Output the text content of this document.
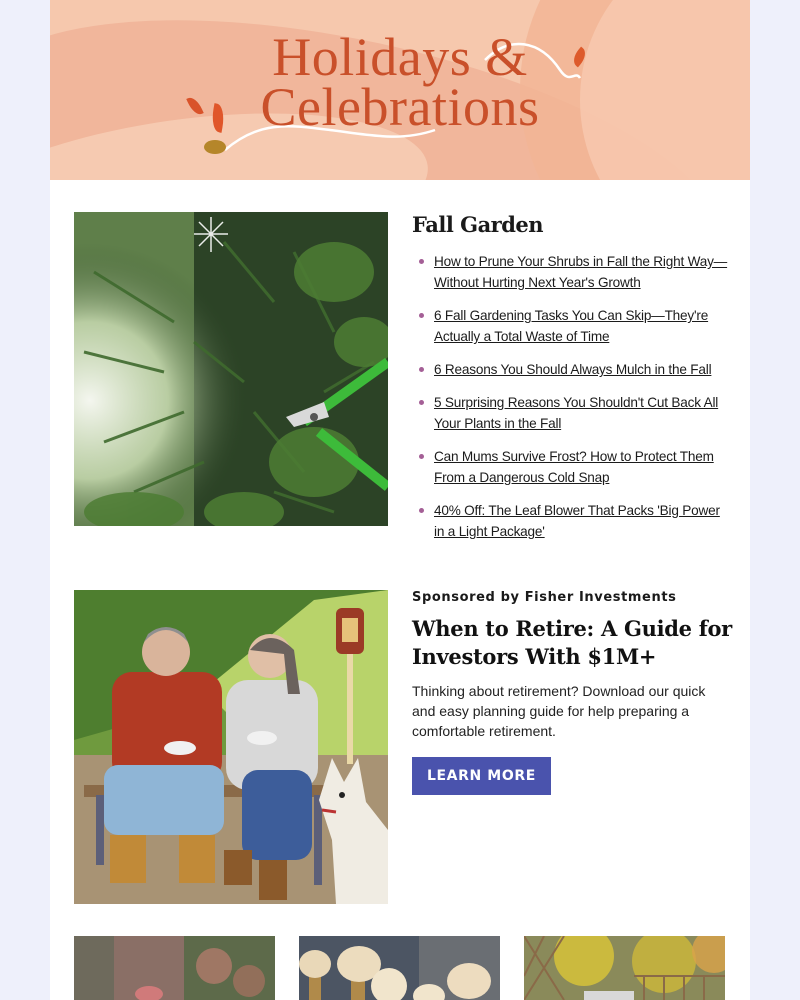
Holidays &
Celebrations
Fall Garden
How to Prune Your Shrubs in Fall the Right Way—Without Hurting Next Year's Growth
6 Fall Gardening Tasks You Can Skip—They're Actually a Total Waste of Time
6 Reasons You Should Always Mulch in the Fall
5 Surprising Reasons You Shouldn't Cut Back All Your Plants in the Fall
Can Mums Survive Frost? How to Protect Them From a Dangerous Cold Snap
40% Off: The Leaf Blower That Packs 'Big Power in a Light Package'
Sponsored by Fisher Investments
When to Retire: A Guide for Investors With $1M+

Thinking about retirement? Download our quick and easy planning guide for help preparing a comfortable retirement.

LEARN MORE
